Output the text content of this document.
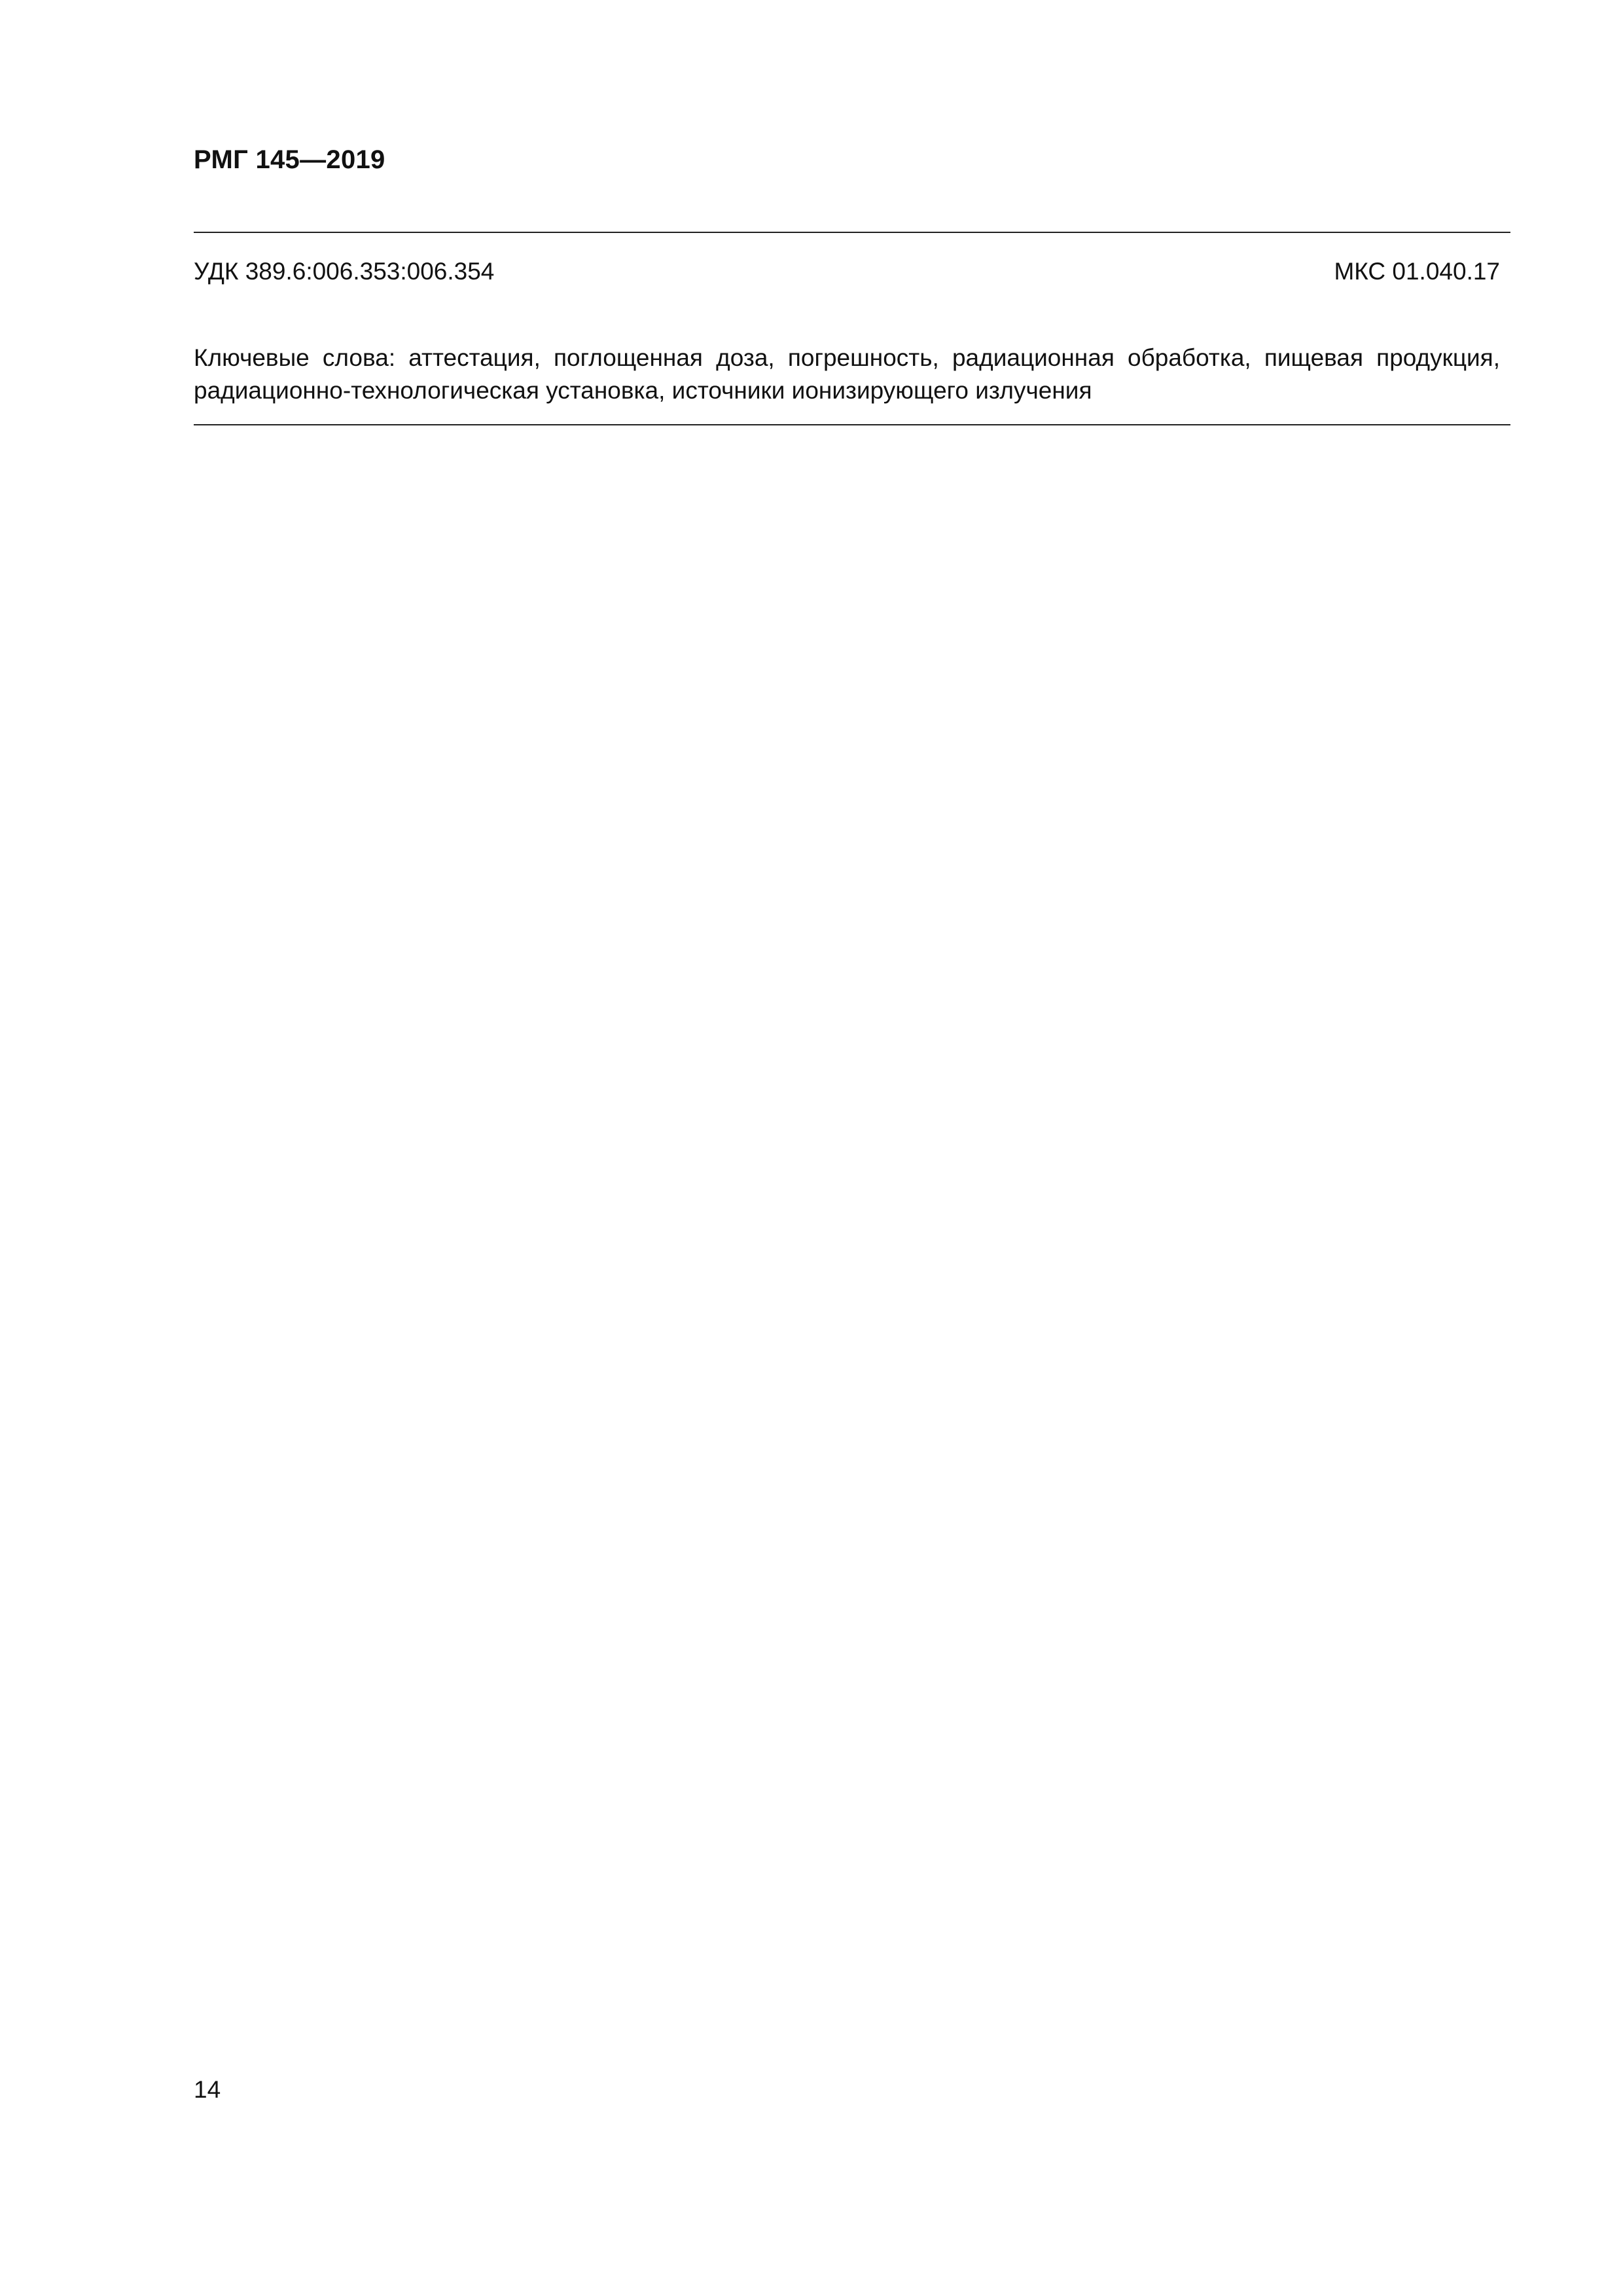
РМГ 145—2019
УДК 389.6:006.353:006.354	МКС 01.040.17
Ключевые слова: аттестация, поглощенная доза, погрешность, радиационная обработка, пищевая продукция, радиационно-технологическая установка, источники ионизирующего излучения
14
